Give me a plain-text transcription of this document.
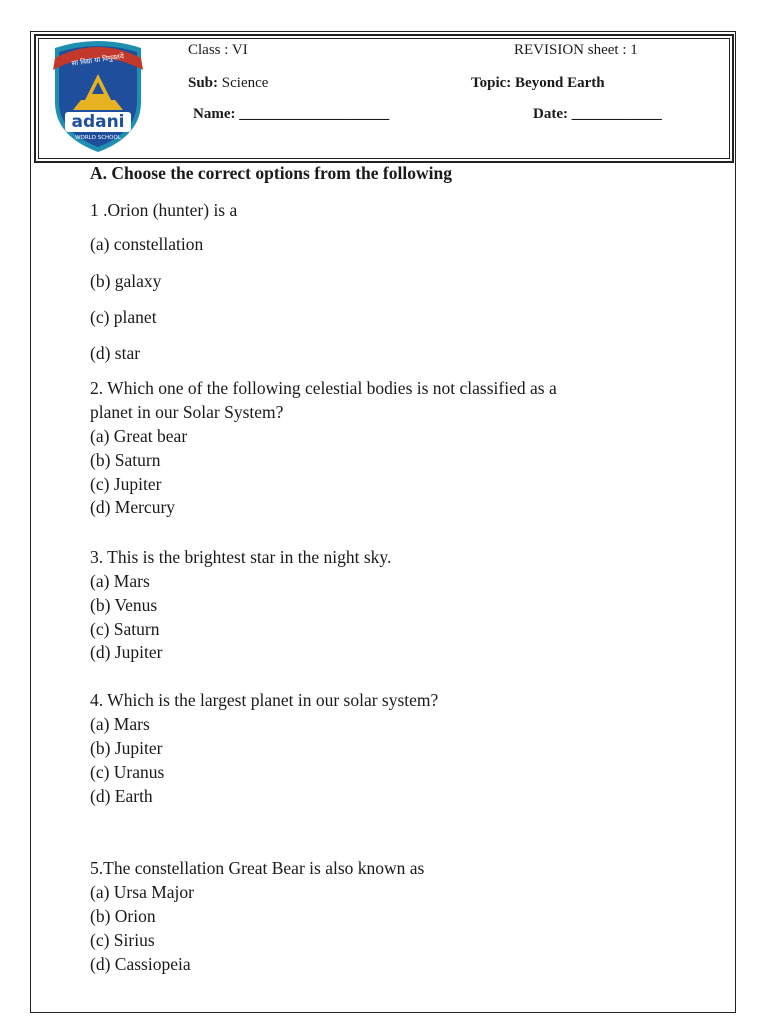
सा विद्या या विमुक्तये
adani
WORLD SCHOOL
Class : VI	REVISION sheet : 1
Sub: Science	Topic: Beyond Earth
Name: ____________________	Date: ____________
A. Choose the correct options from the following
1 .Orion (hunter) is a
(a) constellation
(b) galaxy
(c) planet
(d) star
2. Which one of the following celestial bodies is not classified as a
planet in our Solar System?
(a) Great bear
(b) Saturn
(c) Jupiter
(d) Mercury
3. This is the brightest star in the night sky.
(a) Mars
(b) Venus
(c) Saturn
(d) Jupiter
4. Which is the largest planet in our solar system?
(a) Mars
(b) Jupiter
(c) Uranus
(d) Earth
5.The constellation Great Bear is also known as
(a) Ursa Major
(b) Orion
(c) Sirius
(d) Cassiopeia
